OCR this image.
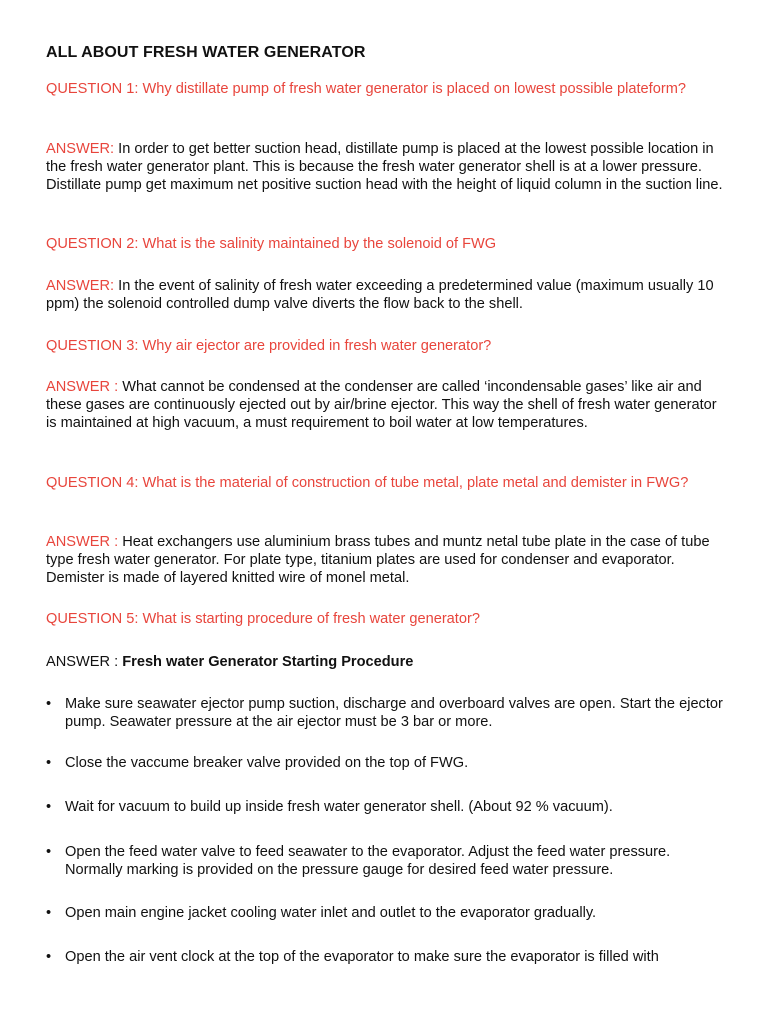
ALL ABOUT FRESH WATER GENERATOR
QUESTION 1: Why distillate pump of fresh water generator is placed on lowest possible plateform?
ANSWER: In order to get better suction head, distillate pump is placed at the lowest possible location in the fresh water generator plant. This is because the fresh water generator shell is at a lower pressure. Distillate pump get maximum net positive suction head with the height of liquid column in the suction line.
QUESTION 2: What is the salinity maintained by the solenoid of FWG
ANSWER: In the event of salinity of fresh water exceeding a predetermined value (maximum usually 10 ppm) the solenoid controlled dump valve diverts the flow back to the shell.
QUESTION 3: Why air ejector are provided in fresh water generator?
ANSWER : What cannot be condensed at the condenser are called ‘incondensable gases’ like air and these gases are continuously ejected out by air/brine ejector. This way the shell of fresh water generator is maintained at high vacuum, a must requirement to boil water at low temperatures.
QUESTION 4: What is the material of construction of tube metal, plate metal and demister in FWG?
ANSWER : Heat exchangers use aluminium brass tubes and muntz netal tube plate in the case of tube type fresh water generator. For plate type, titanium plates are used for condenser and evaporator. Demister is made of layered knitted wire of monel metal.
QUESTION 5: What is starting procedure of fresh water generator?
ANSWER : Fresh water Generator Starting Procedure
• Make sure seawater ejector pump suction, discharge and overboard valves are open. Start the ejector pump. Seawater pressure at the air ejector must be 3 bar or more.
• Close the vaccume breaker valve provided on the top of FWG.
• Wait for vacuum to build up inside fresh water generator shell. (About 92 % vacuum).
• Open the feed water valve to feed seawater to the evaporator. Adjust the feed water pressure. Normally marking is provided on the pressure gauge for desired feed water pressure.
• Open main engine jacket cooling water inlet and outlet to the evaporator gradually.
• Open the air vent clock at the top of the evaporator to make sure the evaporator is filled with
